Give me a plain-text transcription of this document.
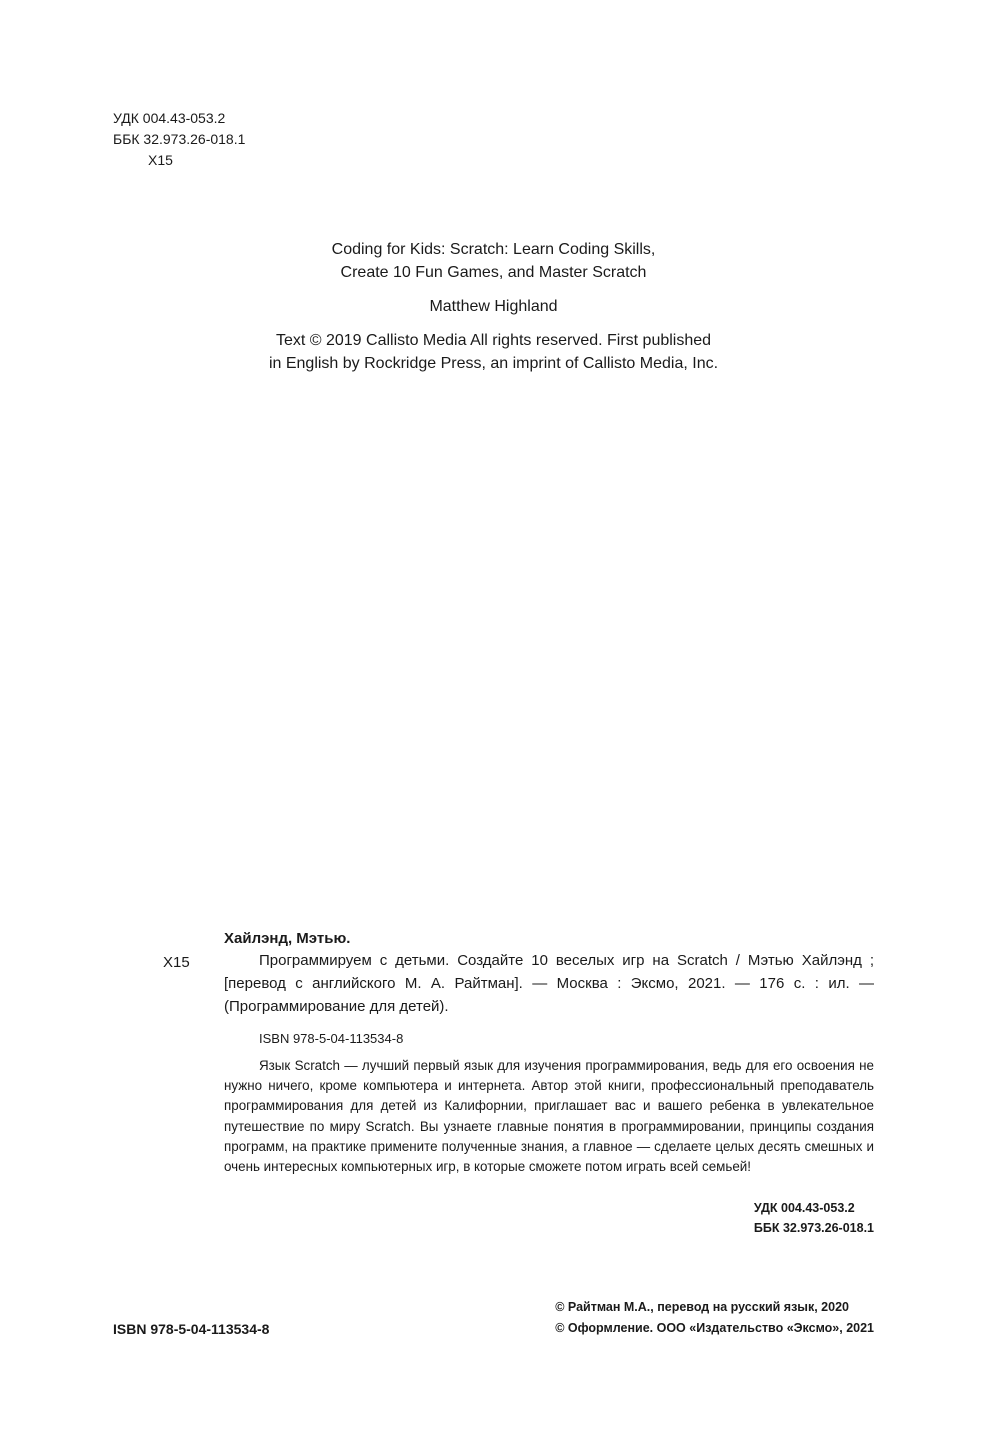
УДК 004.43-053.2
ББК 32.973.26-018.1
Х15

Coding for Kids: Scratch: Learn Coding Skills,
Create 10 Fun Games, and Master Scratch

Matthew Highland

Text © 2019 Callisto Media All rights reserved. First published
in English by Rockridge Press, an imprint of Callisto Media, Inc.

Хайлэнд, Мэтью.
Х15	Программируем с детьми. Создайте 10 веселых игр на Scratch / Мэтью Хайлэнд ; [перевод с английского М. А. Райтман]. — Москва : Эксмо, 2021. — 176 с. : ил. — (Программирование для детей).
ISBN 978-5-04-113534-8
Язык Scratch — лучший первый язык для изучения программирования, ведь для его освоения не нужно ничего, кроме компьютера и интернета. Автор этой книги, профессиональный преподаватель программирования для детей из Калифорнии, приглашает вас и вашего ребенка в увлекательное путешествие по миру Scratch. Вы узнаете главные понятия в программировании, принципы создания программ, на практике примените полученные знания, а главное — сделаете целых десять смешных и очень интересных компьютерных игр, в которые сможете потом играть всей семьей!
УДК 004.43-053.2
ББК 32.973.26-018.1
ISBN 978-5-04-113534-8
© Райтман М.А., перевод на русский язык, 2020
© Оформление. ООО «Издательство «Эксмо», 2021
